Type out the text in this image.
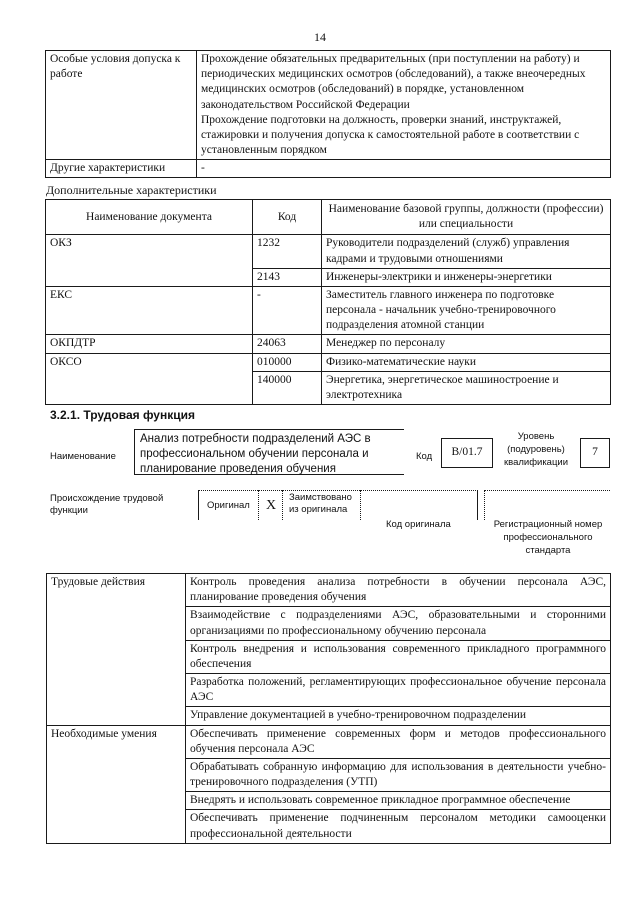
14
Особые условия допуска к работе	Прохождение обязательных предварительных (при поступлении на работу) и периодических медицинских осмотров (обследований), а также внеочередных медицинских осмотров (обследований) в порядке, установленном законодательством Российской Федерации
Прохождение подготовки на должность, проверки знаний, инструктажей, стажировки и получения допуска к самостоятельной работе в соответствии с установленным порядком

Другие характеристики	-
Дополнительные характеристики
Наименование документа	Код	Наименование базовой группы, должности (профессии) или специальности
ОКЗ	1232	Руководители подразделений (служб) управления кадрами и трудовыми отношениями
	2143	Инженеры-электрики и инженеры-энергетики
ЕКС	-	Заместитель главного инженера по подготовке персонала - начальник учебно-тренировочного подразделения атомной станции
ОКПДТР	24063	Менеджер по персоналу
ОКСО	010000	Физико-математические науки
	140000	Энергетика, энергетическое машиностроение и электротехника
3.2.1. Трудовая функция
Наименование
Анализ потребности подразделений АЭС в профессиональном обучении персонала и планирование проведения обучения
Код	B/01.7
Уровень (подуровень) квалификации
7
Происхождение трудовой функции	Оригинал X
Заимствовано из оригинала
Код оригинала	Регистрационный номер профессионального стандарта
Трудовые действия	Контроль проведения анализа потребности в обучении персонала АЭС, планирование проведения обучения
	Взаимодействие с подразделениями АЭС, образовательными и сторонними организациями по профессиональному обучению персонала
	Контроль внедрения и использования современного прикладного программного обеспечения
	Разработка положений, регламентирующих профессиональное обучение персонала АЭС
	Управление документацией в учебно-тренировочном подразделении
Необходимые умения	Обеспечивать применение современных форм и методов профессионального обучения персонала АЭС
	Обрабатывать собранную информацию для использования в деятельности учебно-тренировочного подразделения (УТП)
	Внедрять и использовать современное прикладное программное обеспечение
	Обеспечивать применение подчиненным персоналом методики самооценки профессиональной деятельности
